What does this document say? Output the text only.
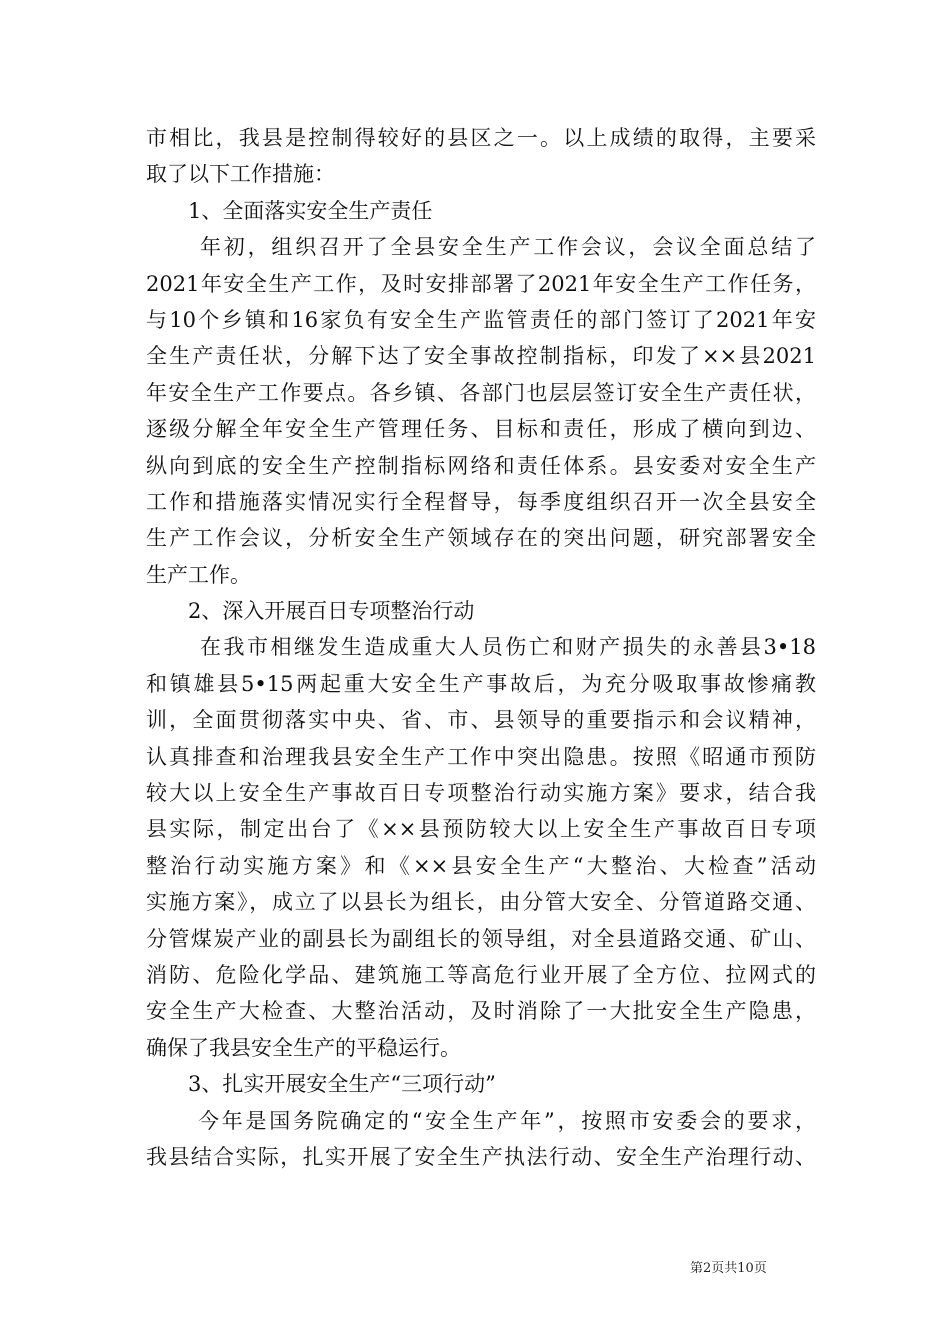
市相比，我县是控制得较好的县区之一。以上成绩的取得，主要采
取了以下工作措施：
1、全面落实安全生产责任
年初，组织召开了全县安全生产工作会议，会议全面总结了
2021年安全生产工作，及时安排部署了2021年安全生产工作任务，
与10个乡镇和16家负有安全生产监管责任的部门签订了2021年安
全生产责任状，分解下达了安全事故控制指标，印发了××县2021
年安全生产工作要点。各乡镇、各部门也层层签订安全生产责任状，
逐级分解全年安全生产管理任务、目标和责任，形成了横向到边、
纵向到底的安全生产控制指标网络和责任体系。县安委对安全生产
工作和措施落实情况实行全程督导，每季度组织召开一次全县安全
生产工作会议，分析安全生产领域存在的突出问题，研究部署安全
生产工作。
2、深入开展百日专项整治行动
在我市相继发生造成重大人员伤亡和财产损失的永善县3•18
和镇雄县5•15两起重大安全生产事故后，为充分吸取事故惨痛教
训，全面贯彻落实中央、省、市、县领导的重要指示和会议精神，
认真排查和治理我县安全生产工作中突出隐患。按照《昭通市预防
较大以上安全生产事故百日专项整治行动实施方案》要求，结合我
县实际，制定出台了《××县预防较大以上安全生产事故百日专项
整治行动实施方案》和《××县安全生产“大整治、大检查”活动
实施方案》，成立了以县长为组长，由分管大安全、分管道路交通、
分管煤炭产业的副县长为副组长的领导组，对全县道路交通、矿山、
消防、危险化学品、建筑施工等高危行业开展了全方位、拉网式的
安全生产大检查、大整治活动，及时消除了一大批安全生产隐患，
确保了我县安全生产的平稳运行。
3、扎实开展安全生产“三项行动”
今年是国务院确定的“安全生产年”，按照市安委会的要求，
我县结合实际，扎实开展了安全生产执法行动、安全生产治理行动、
第2页共10页
